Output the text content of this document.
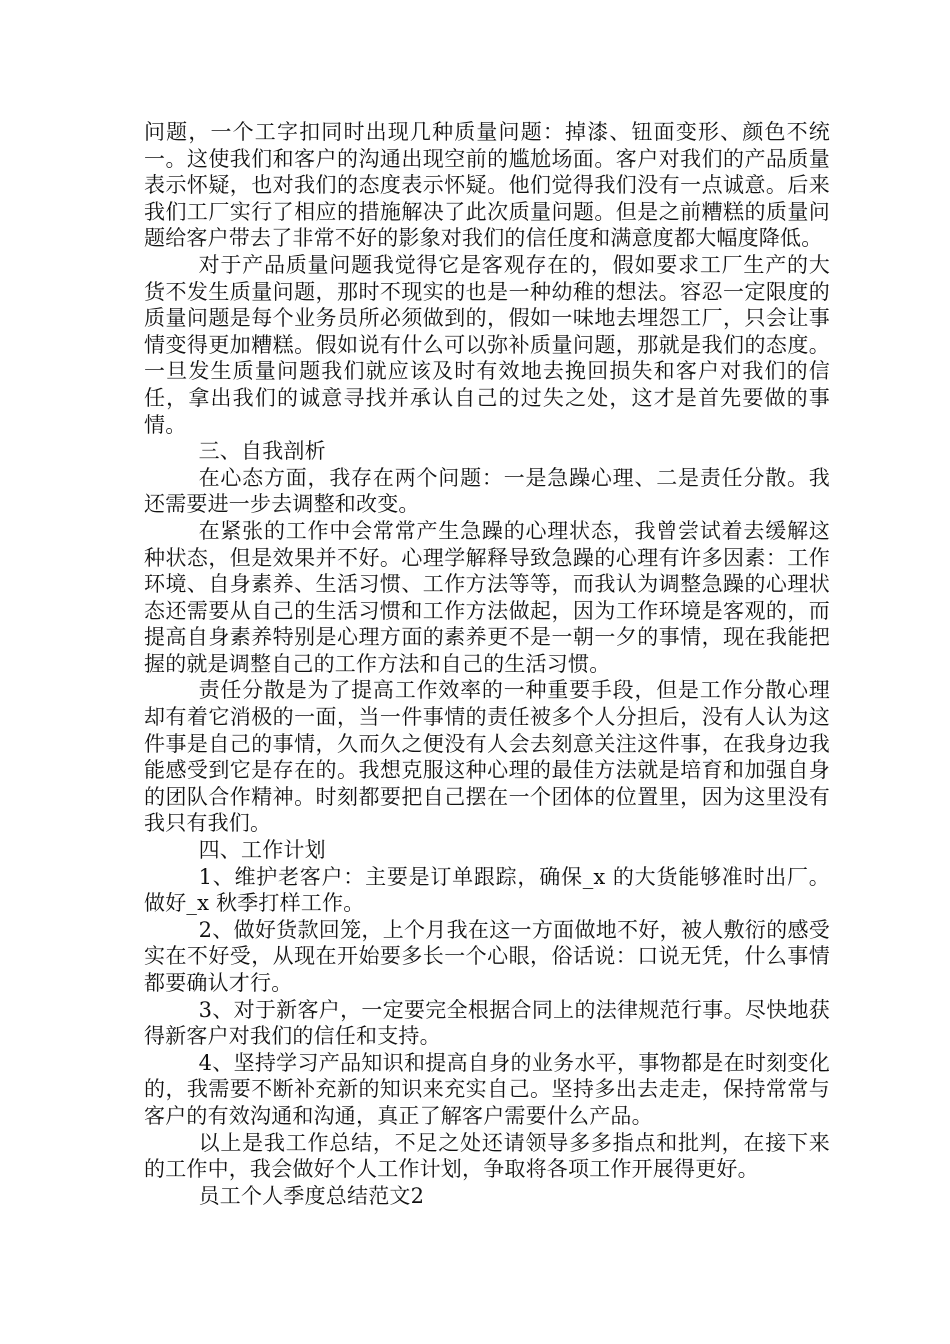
问题，一个工字扣同时出现几种质量问题：掉漆、钮面变形、颜色不统一。这使我们和客户的沟通出现空前的尴尬场面。客户对我们的产品质量表示怀疑，也对我们的态度表示怀疑。他们觉得我们没有一点诚意。后来我们工厂实行了相应的措施解决了此次质量问题。但是之前糟糕的质量问题给客户带去了非常不好的影象对我们的信任度和满意度都大幅度降低。

对于产品质量问题我觉得它是客观存在的，假如要求工厂生产的大货不发生质量问题，那时不现实的也是一种幼稚的想法。容忍一定限度的质量问题是每个业务员所必须做到的，假如一味地去埋怨工厂，只会让事情变得更加糟糕。假如说有什么可以弥补质量问题，那就是我们的态度。一旦发生质量问题我们就应该及时有效地去挽回损失和客户对我们的信任，拿出我们的诚意寻找并承认自己的过失之处，这才是首先要做的事情。

三、自我剖析

在心态方面，我存在两个问题：一是急躁心理、二是责任分散。我还需要进一步去调整和改变。

在紧张的工作中会常常产生急躁的心理状态，我曾尝试着去缓解这种状态，但是效果并不好。心理学解释导致急躁的心理有许多因素：工作环境、自身素养、生活习惯、工作方法等等，而我认为调整急躁的心理状态还需要从自己的生活习惯和工作方法做起，因为工作环境是客观的，而提高自身素养特别是心理方面的素养更不是一朝一夕的事情，现在我能把握的就是调整自己的工作方法和自己的生活习惯。

责任分散是为了提高工作效率的一种重要手段，但是工作分散心理却有着它消极的一面，当一件事情的责任被多个人分担后，没有人认为这件事是自己的事情，久而久之便没有人会去刻意关注这件事，在我身边我能感受到它是存在的。我想克服这种心理的最佳方法就是培育和加强自身的团队合作精神。时刻都要把自己摆在一个团体的位置里，因为这里没有我只有我们。

四、工作计划

1、维护老客户：主要是订单跟踪，确保_x 的大货能够准时出厂。做好_x 秋季打样工作。

2、做好货款回笼，上个月我在这一方面做地不好，被人敷衍的感受实在不好受，从现在开始要多长一个心眼，俗话说：口说无凭，什么事情都要确认才行。

3、对于新客户，一定要完全根据合同上的法律规范行事。尽快地获得新客户对我们的信任和支持。

4、坚持学习产品知识和提高自身的业务水平，事物都是在时刻变化的，我需要不断补充新的知识来充实自己。坚持多出去走走，保持常常与客户的有效沟通和沟通，真正了解客户需要什么产品。

以上是我工作总结，不足之处还请领导多多指点和批判，在接下来的工作中，我会做好个人工作计划，争取将各项工作开展得更好。

员工个人季度总结范文2
